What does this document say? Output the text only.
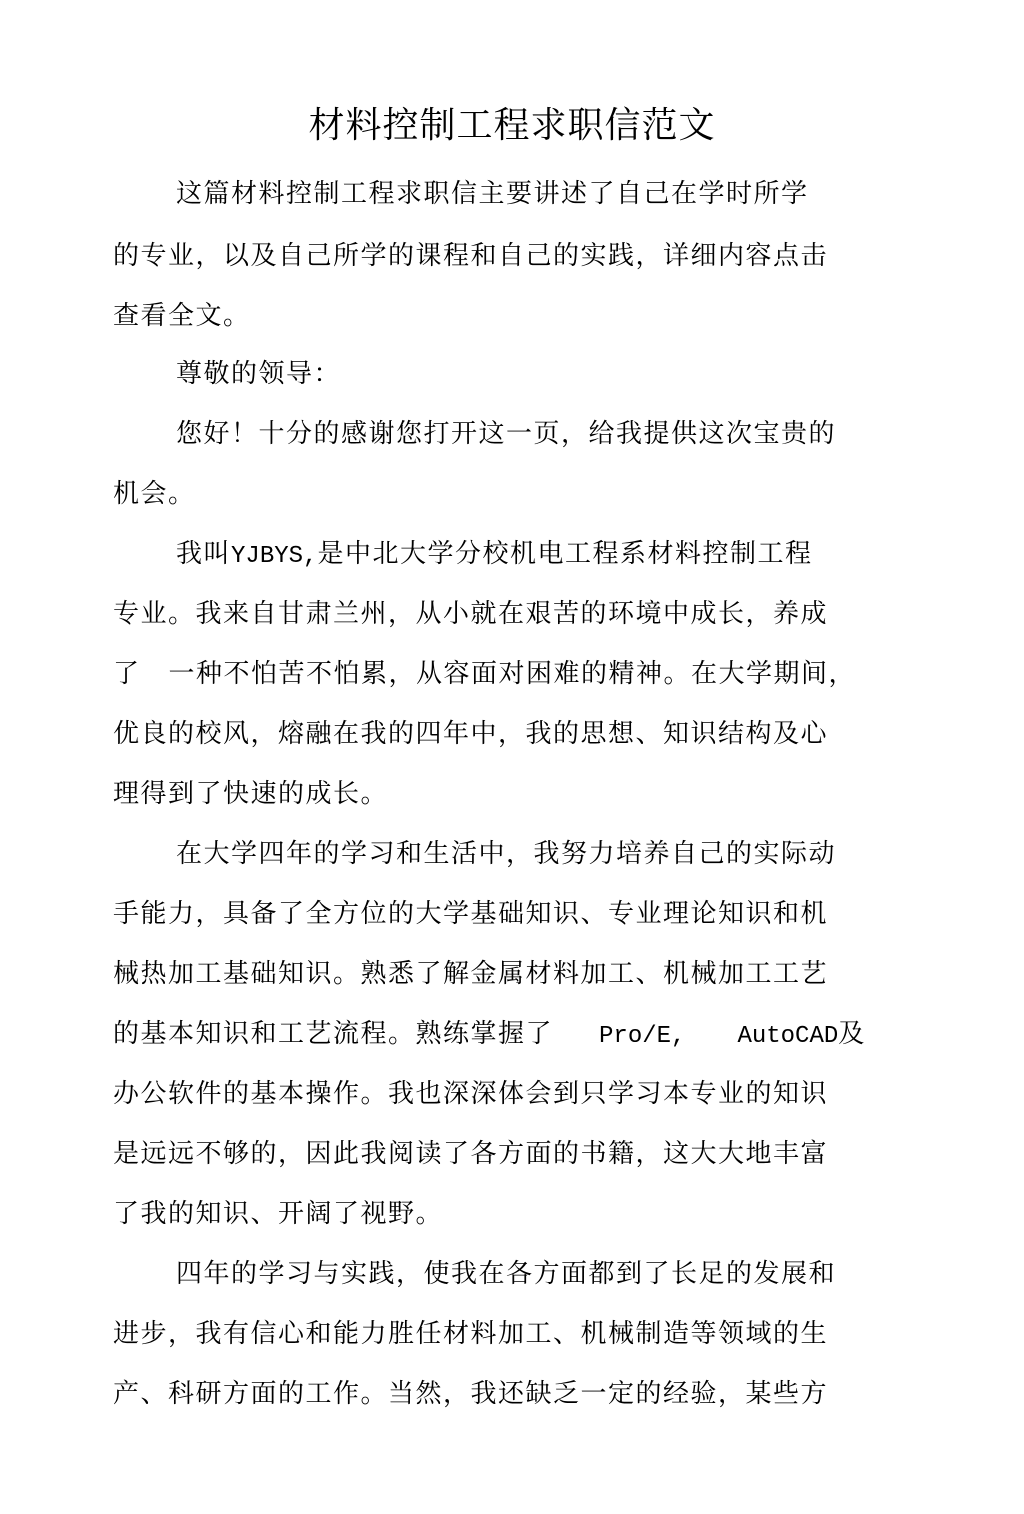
材料控制工程求职信范文
这篇材料控制工程求职信主要讲述了自己在学时所学
的专业，以及自己所学的课程和自己的实践，详细内容点击
查看全文。
尊敬的领导：
您好！十分的感谢您打开这一页，给我提供这次宝贵的
机会。
我叫YJBYS,是中北大学分校机电工程系材料控制工程
专业。我来自甘肃兰州，从小就在艰苦的环境中成长，养成
了 一种不怕苦不怕累，从容面对困难的精神。在大学期间，
优良的校风，熔融在我的四年中，我的思想、知识结构及心
理得到了快速的成长。
在大学四年的学习和生活中，我努力培养自己的实际动
手能力，具备了全方位的大学基础知识、专业理论知识和机
械热加工基础知识。熟悉了解金属材料加工、机械加工工艺
的基本知识和工艺流程。熟练掌握了 Pro/E, AutoCAD及
办公软件的基本操作。我也深深体会到只学习本专业的知识
是远远不够的，因此我阅读了各方面的书籍，这大大地丰富
了我的知识、开阔了视野。
四年的学习与实践，使我在各方面都到了长足的发展和
进步，我有信心和能力胜任材料加工、机械制造等领域的生
产、科研方面的工作。当然，我还缺乏一定的经验，某些方
